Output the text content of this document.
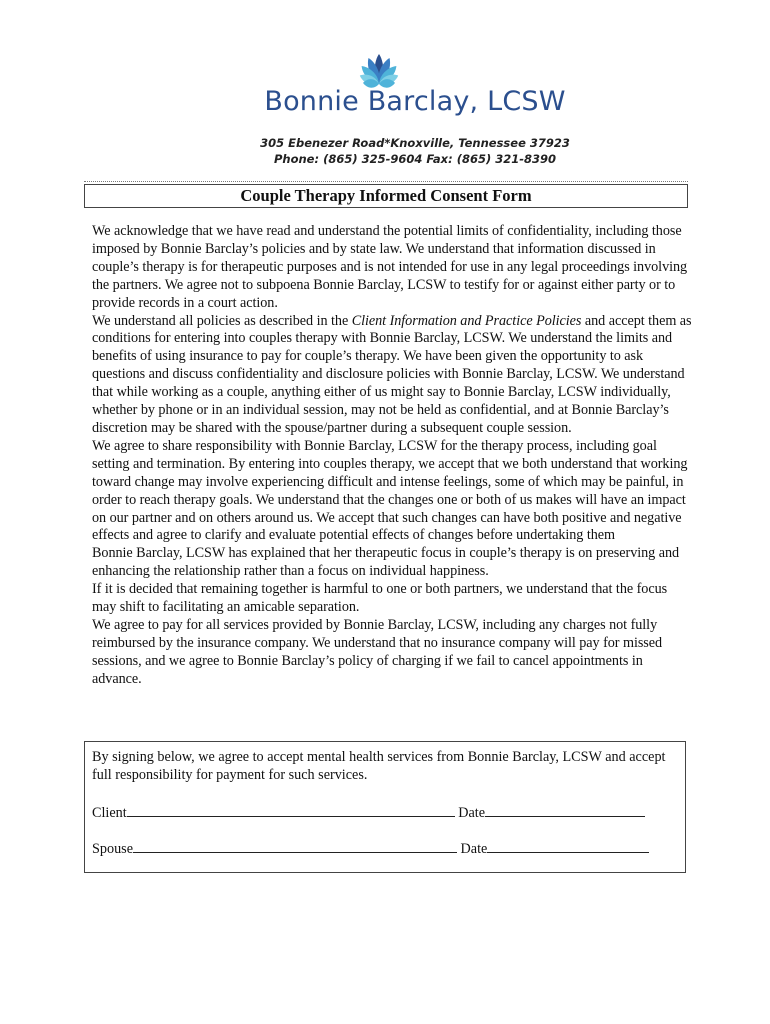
Bonnie Barclay, LCSW
305 Ebenezer Road*Knoxville, Tennessee 37923
Phone: (865) 325-9604 Fax: (865) 321-8390
Couple Therapy Informed Consent Form

We acknowledge that we have read and understand the potential limits of confidentiality, including those imposed by Bonnie Barclay’s policies and by state law. We understand that information discussed in couple’s therapy is for therapeutic purposes and is not intended for use in any legal proceedings involving the partners. We agree not to subpoena Bonnie Barclay, LCSW to testify for or against either party or to provide records in a court action.

We understand all policies as described in the Client Information and Practice Policies and accept them as conditions for entering into couples therapy with Bonnie Barclay, LCSW. We understand the limits and benefits of using insurance to pay for couple’s therapy. We have been given the opportunity to ask questions and discuss confidentiality and disclosure policies with Bonnie Barclay, LCSW. We understand that while working as a couple, anything either of us might say to Bonnie Barclay, LCSW individually, whether by phone or in an individual session, may not be held as confidential, and at Bonnie Barclay’s discretion may be shared with the spouse/partner during a subsequent couple session.

We agree to share responsibility with Bonnie Barclay, LCSW for the therapy process, including goal setting and termination. By entering into couples therapy, we accept that we both understand that working toward change may involve experiencing difficult and intense feelings, some of which may be painful, in order to reach therapy goals. We understand that the changes one or both of us makes will have an impact on our partner and on others around us. We accept that such changes can have both positive and negative effects and agree to clarify and evaluate potential effects of changes before undertaking them

Bonnie Barclay, LCSW has explained that her therapeutic focus in couple’s therapy is on preserving and enhancing the relationship rather than a focus on individual happiness.

If it is decided that remaining together is harmful to one or both partners, we understand that the focus may shift to facilitating an amicable separation.

We agree to pay for all services provided by Bonnie Barclay, LCSW, including any charges not fully reimbursed by the insurance company. We understand that no insurance company will pay for missed sessions, and we agree to Bonnie Barclay’s policy of charging if we fail to cancel appointments in advance.

By signing below, we agree to accept mental health services from Bonnie Barclay, LCSW and accept full responsibility for payment for such services.
Client	Date
Spouse	Date
